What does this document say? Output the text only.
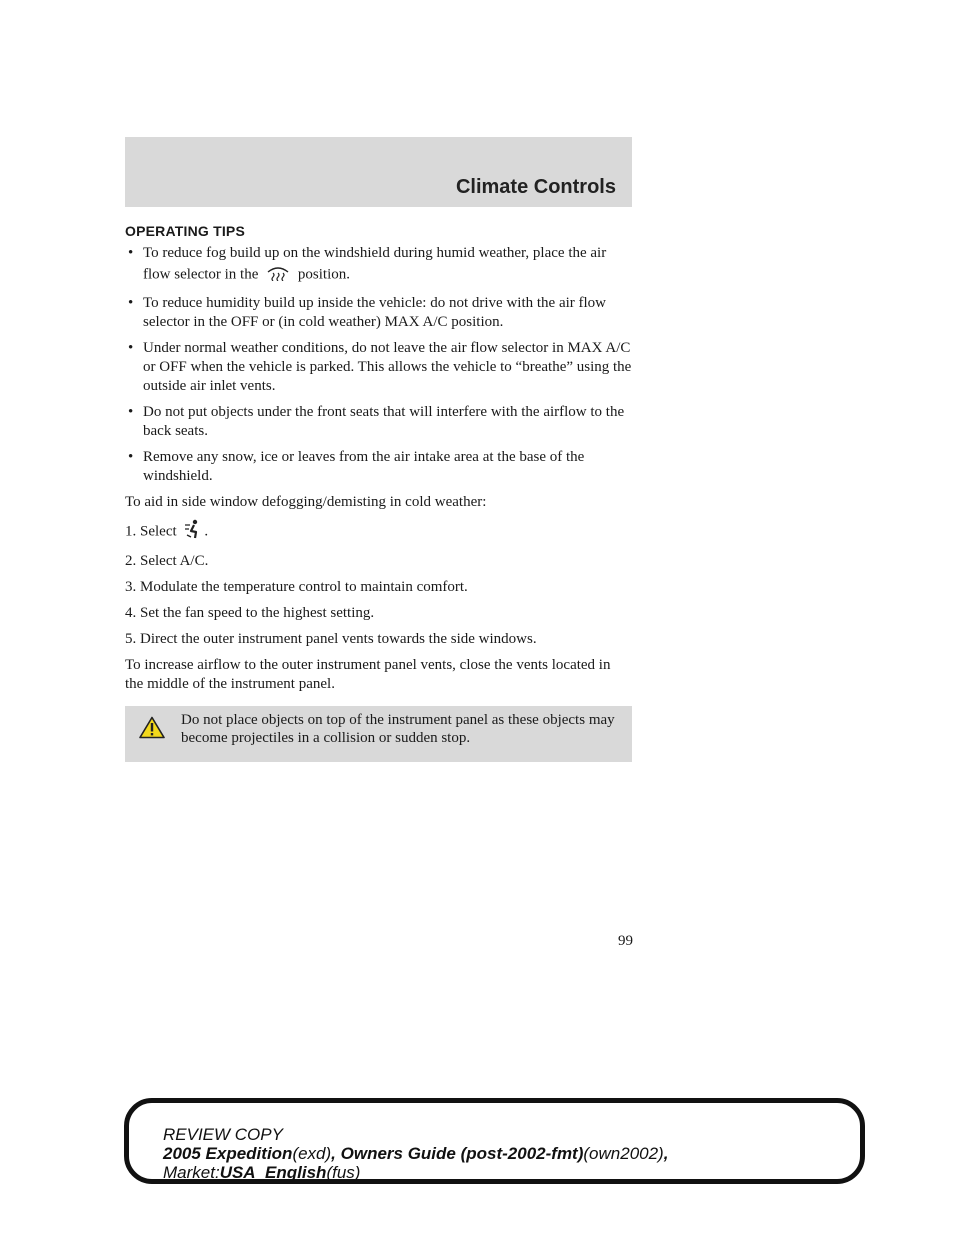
Climate Controls
OPERATING TIPS
• To reduce fog build up on the windshield during humid weather, place the air flow selector in the	position.
• To reduce humidity build up inside the vehicle: do not drive with the air flow selector in the OFF or (in cold weather) MAX A/C position.
• Under normal weather conditions, do not leave the air flow selector in MAX A/C or OFF when the vehicle is parked. This allows the vehicle to “breathe” using the outside air inlet vents.
• Do not put objects under the front seats that will interfere with the airflow to the back seats.
• Remove any snow, ice or leaves from the air intake area at the base of the windshield.

To aid in side window defogging/demisting in cold weather:

1. Select .

2. Select A/C.

3. Modulate the temperature control to maintain comfort.

4. Set the fan speed to the highest setting.

5. Direct the outer instrument panel vents towards the side windows.

To increase airflow to the outer instrument panel vents, close the vents located in the middle of the instrument panel.

Do not place objects on top of the instrument panel as these objects may become projectiles in a collision or sudden stop.
99
REVIEW COPY
2005 Expedition(exd), Owners Guide (post-2002-fmt)(own2002),
Market:USA_English(fus)
